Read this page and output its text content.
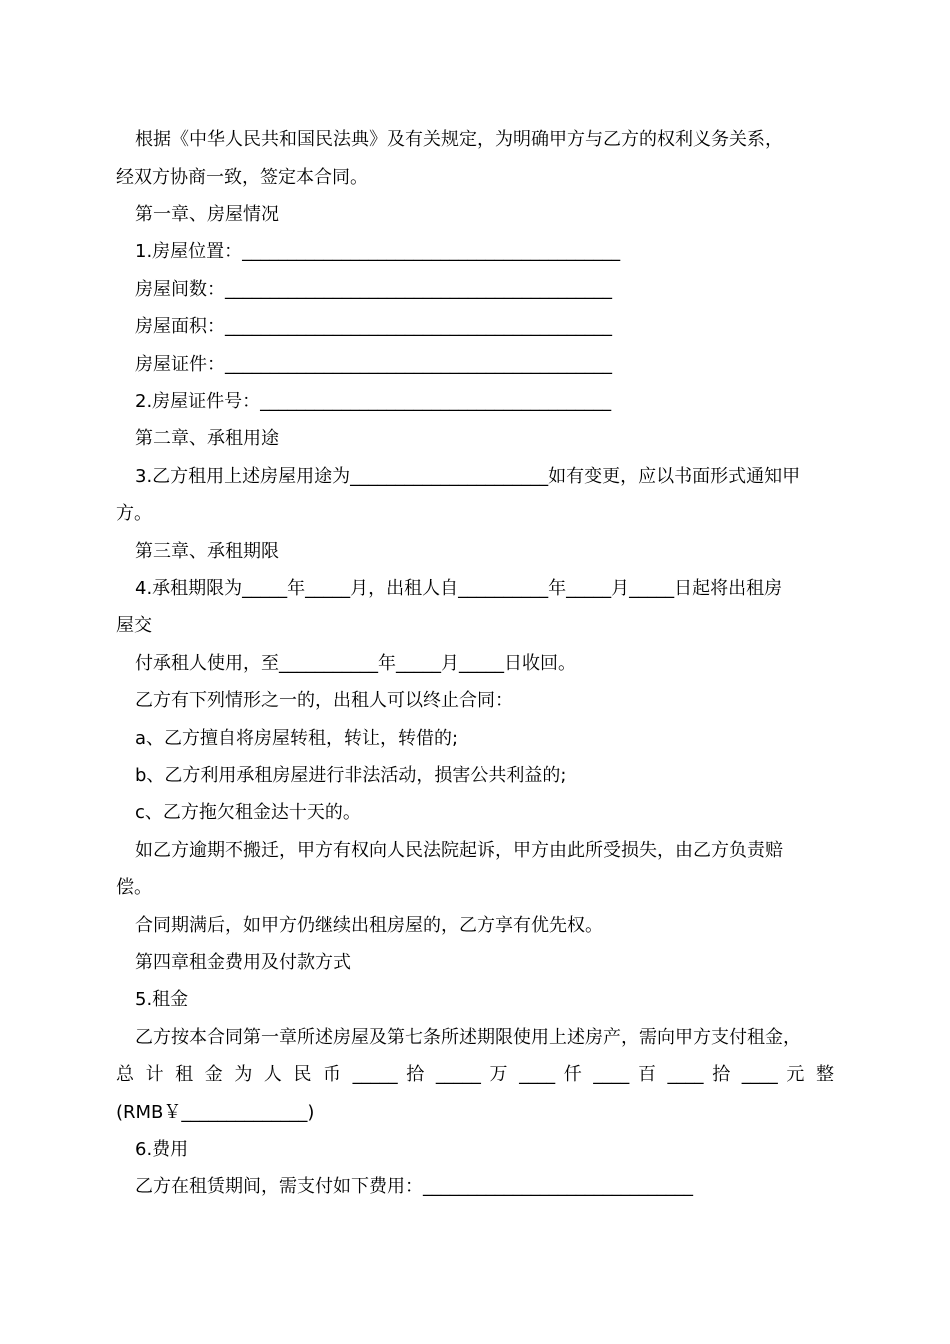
根据《中华人民共和国民法典》及有关规定，为明确甲方与乙方的权利义务关系，
经双方协商一致，签定本合同。
第一章、房屋情况
1.房屋位置：__________________________________________
房屋间数：___________________________________________
房屋面积：___________________________________________
房屋证件：___________________________________________
2.房屋证件号：_______________________________________
第二章、承租用途
3.乙方租用上述房屋用途为______________________如有变更，应以书面形式通知甲
方。
第三章、承租期限
4.承租期限为_____年_____月，出租人自__________年_____月_____日起将出租房
屋交
付承租人使用，至___________年_____月_____日收回。
乙方有下列情形之一的，出租人可以终止合同：
a、乙方擅自将房屋转租，转让，转借的;
b、乙方利用承租房屋进行非法活动，损害公共利益的;
c、乙方拖欠租金达十天的。
如乙方逾期不搬迁，甲方有权向人民法院起诉，甲方由此所受损失，由乙方负责赔
偿。
合同期满后，如甲方仍继续出租房屋的，乙方享有优先权。
第四章租金费用及付款方式
5.租金
乙方按本合同第一章所述房屋及第七条所述期限使用上述房产，需向甲方支付租金，
总 计 租 金 为 人 民 币 _____ 拾 _____ 万 ____ 仟 ____ 百 ____ 拾 ____ 元 整
(RMB￥______________)
6.费用
乙方在租赁期间，需支付如下费用：______________________________
